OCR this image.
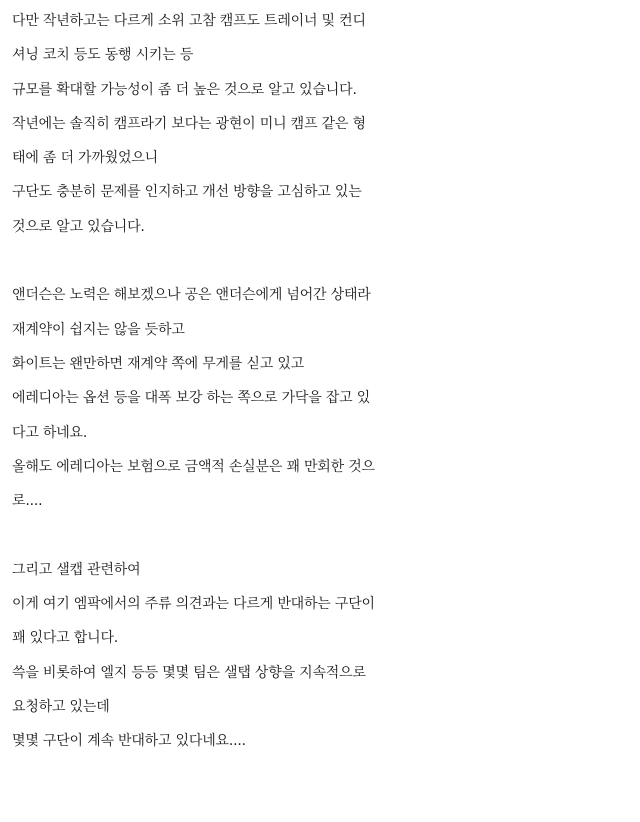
다만 작년하고는 다르게 소위 고참 캠프도 트레이너 및 컨디
셔닝 코치 등도 동행 시키는 등
규모를 확대할 가능성이 좀 더 높은 것으로 알고 있습니다.
작년에는 솔직히 캠프라기 보다는 광현이 미니 캠프 같은 형
태에 좀 더 가까웠었으니
구단도 충분히 문제를 인지하고 개선 방향을 고심하고 있는
것으로 알고 있습니다.
앤더슨은 노력은 해보겠으나 공은 앤더슨에게 넘어간 상태라
재계약이 쉽지는 않을 듯하고
화이트는 왠만하면 재계약 쪽에 무게를 싣고 있고
에레디아는 옵션 등을 대폭 보강 하는 쪽으로 가닥을 잡고 있
다고 하네요.
올해도 에레디아는 보험으로 금액적 손실분은 꽤 만회한 것으
로....
그리고 샐캡 관련하여
이게 여기 엠팍에서의 주류 의견과는 다르게 반대하는 구단이
꽤 있다고 합니다.
쓱을 비롯하여 엘지 등등 몇몇 팀은 샐탭 상향을 지속적으로
요청하고 있는데
몇몇 구단이 계속 반대하고 있다네요....
